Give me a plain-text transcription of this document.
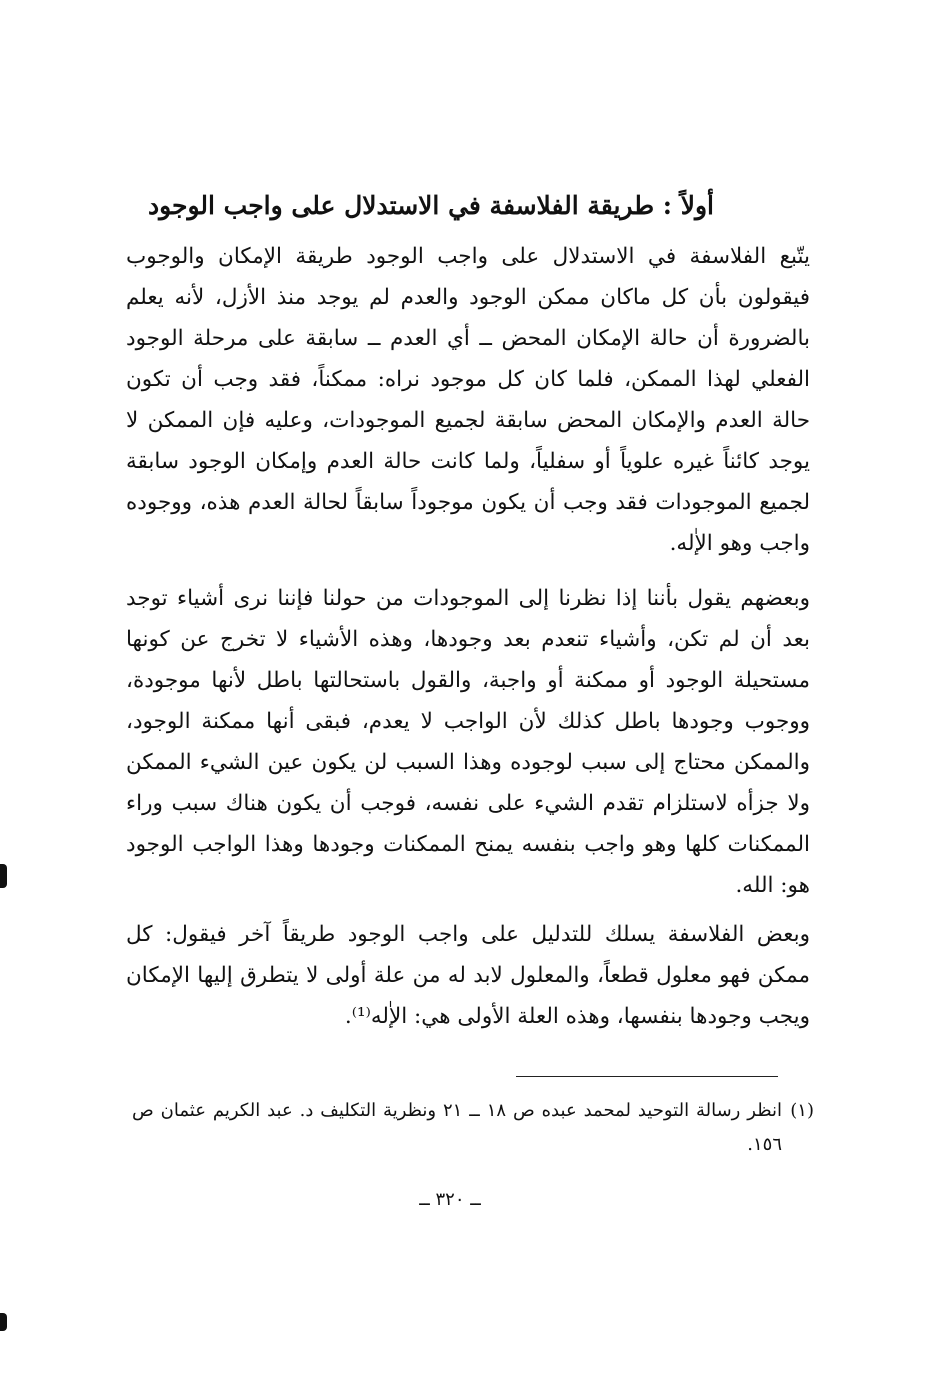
أولاً : طريقة الفلاسفة في الاستدلال على واجب الوجود
يتّبع الفلاسفة في الاستدلال على واجب الوجود طريقة الإمكان والوجوب فيقولون بأن كل ماكان ممكن الوجود والعدم لم يوجد منذ الأزل، لأنه يعلم بالضرورة أن حالة الإمكان المحض ــ أي العدم ــ سابقة على مرحلة الوجود الفعلي لهذا الممكن، فلما كان كل موجود نراه: ممكناً، فقد وجب أن تكون حالة العدم والإمكان المحض سابقة لجميع الموجودات، وعليه فإن الممكن لا يوجد كائناً غيره علوياً أو سفلياً، ولما كانت حالة العدم وإمكان الوجود سابقة لجميع الموجودات فقد وجب أن يكون موجوداً سابقاً لحالة العدم هذه، ووجوده واجب وهو الإٰله.
وبعضهم يقول بأننا إذا نظرنا إلى الموجودات من حولنا فإننا نرى أشياء توجد بعد أن لم تكن، وأشياء تنعدم بعد وجودها، وهذه الأشياء لا تخرج عن كونها مستحيلة الوجود أو ممكنة أو واجبة، والقول باستحالتها باطل لأنها موجودة، ووجوب وجودها باطل كذلك لأن الواجب لا يعدم، فبقى أنها ممكنة الوجود، والممكن محتاج إلى سبب لوجوده وهذا السبب لن يكون عين الشيء الممكن ولا جزأه لاستلزام تقدم الشيء على نفسه، فوجب أن يكون هناك سبب وراء الممكنات كلها وهو واجب بنفسه يمنح الممكنات وجودها وهذا الواجب الوجود هو: الله.
وبعض الفلاسفة يسلك للتدليل على واجب الوجود طريقاً آخر فيقول: كل ممكن فهو معلول قطعاً، والمعلول لابد له من علة أولى لا يتطرق إليها الإمكان ويجب وجودها بنفسها، وهذه العلة الأولى هي: الإٰله⁽¹⁾.
(١)
انظر رسالة التوحيد لمحمد عبده ص ١٨ ــ ٢١ ونظرية التكليف د. عبد الكريم عثمان ص ١٥٦.
ــ ٣٢٠ ــ
